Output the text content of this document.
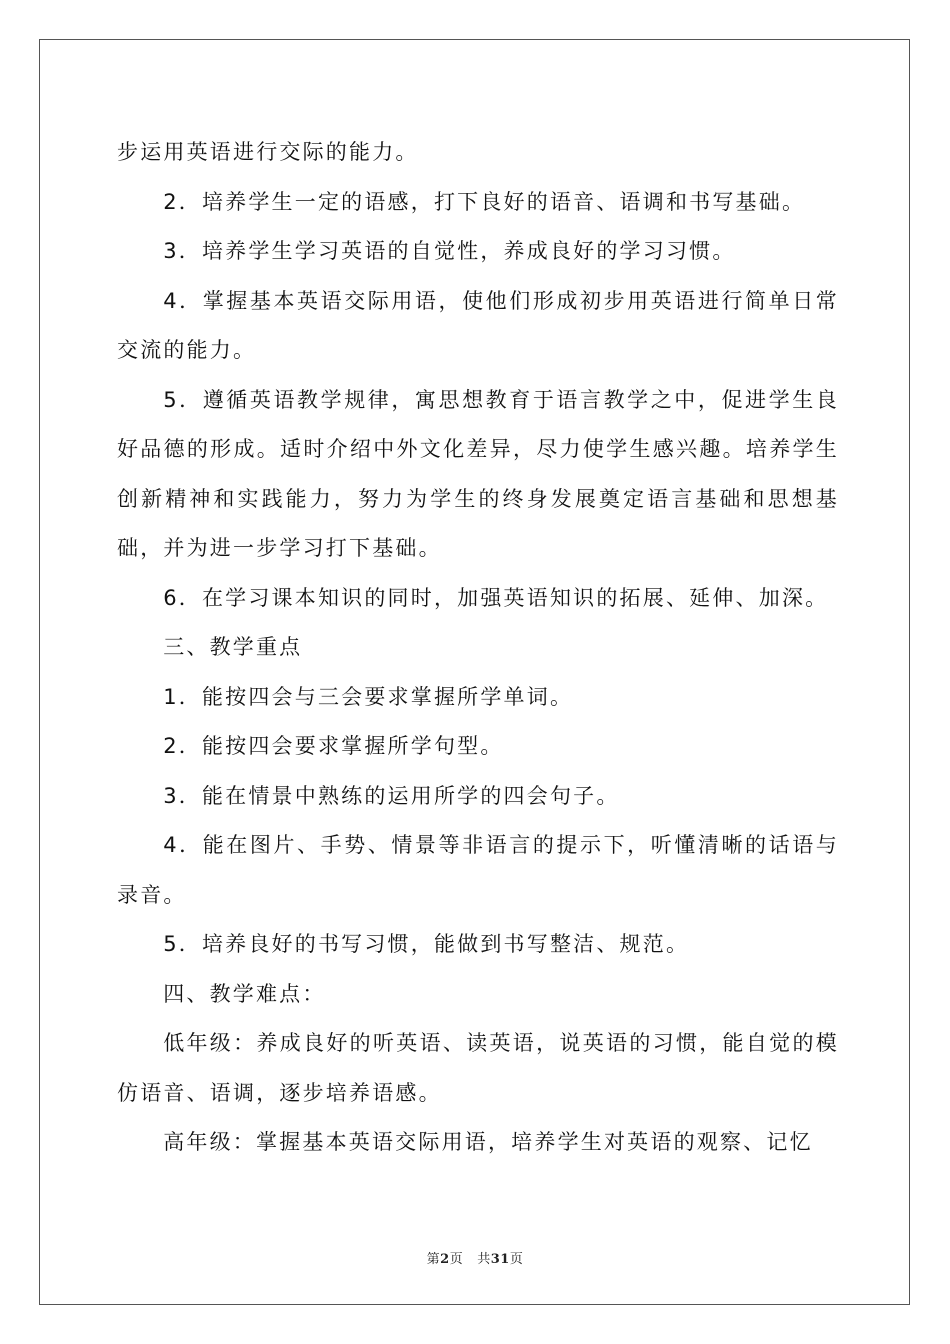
步运用英语进行交际的能力。

2．培养学生一定的语感，打下良好的语音、语调和书写基础。

3．培养学生学习英语的自觉性，养成良好的学习习惯。

4．掌握基本英语交际用语，使他们形成初步用英语进行简单日常交流的能力。

5．遵循英语教学规律，寓思想教育于语言教学之中，促进学生良好品德的形成。适时介绍中外文化差异，尽力使学生感兴趣。培养学生创新精神和实践能力，努力为学生的终身发展奠定语言基础和思想基础，并为进一步学习打下基础。

6．在学习课本知识的同时，加强英语知识的拓展、延伸、加深。

三、教学重点

1．能按四会与三会要求掌握所学单词。

2．能按四会要求掌握所学句型。

3．能在情景中熟练的运用所学的四会句子。

4．能在图片、手势、情景等非语言的提示下，听懂清晰的话语与录音。

5．培养良好的书写习惯，能做到书写整洁、规范。

四、教学难点：

低年级：养成良好的听英语、读英语，说英语的习惯，能自觉的模仿语音、语调，逐步培养语感。

高年级：掌握基本英语交际用语，培养学生对英语的观察、记忆

第2页 共31页
